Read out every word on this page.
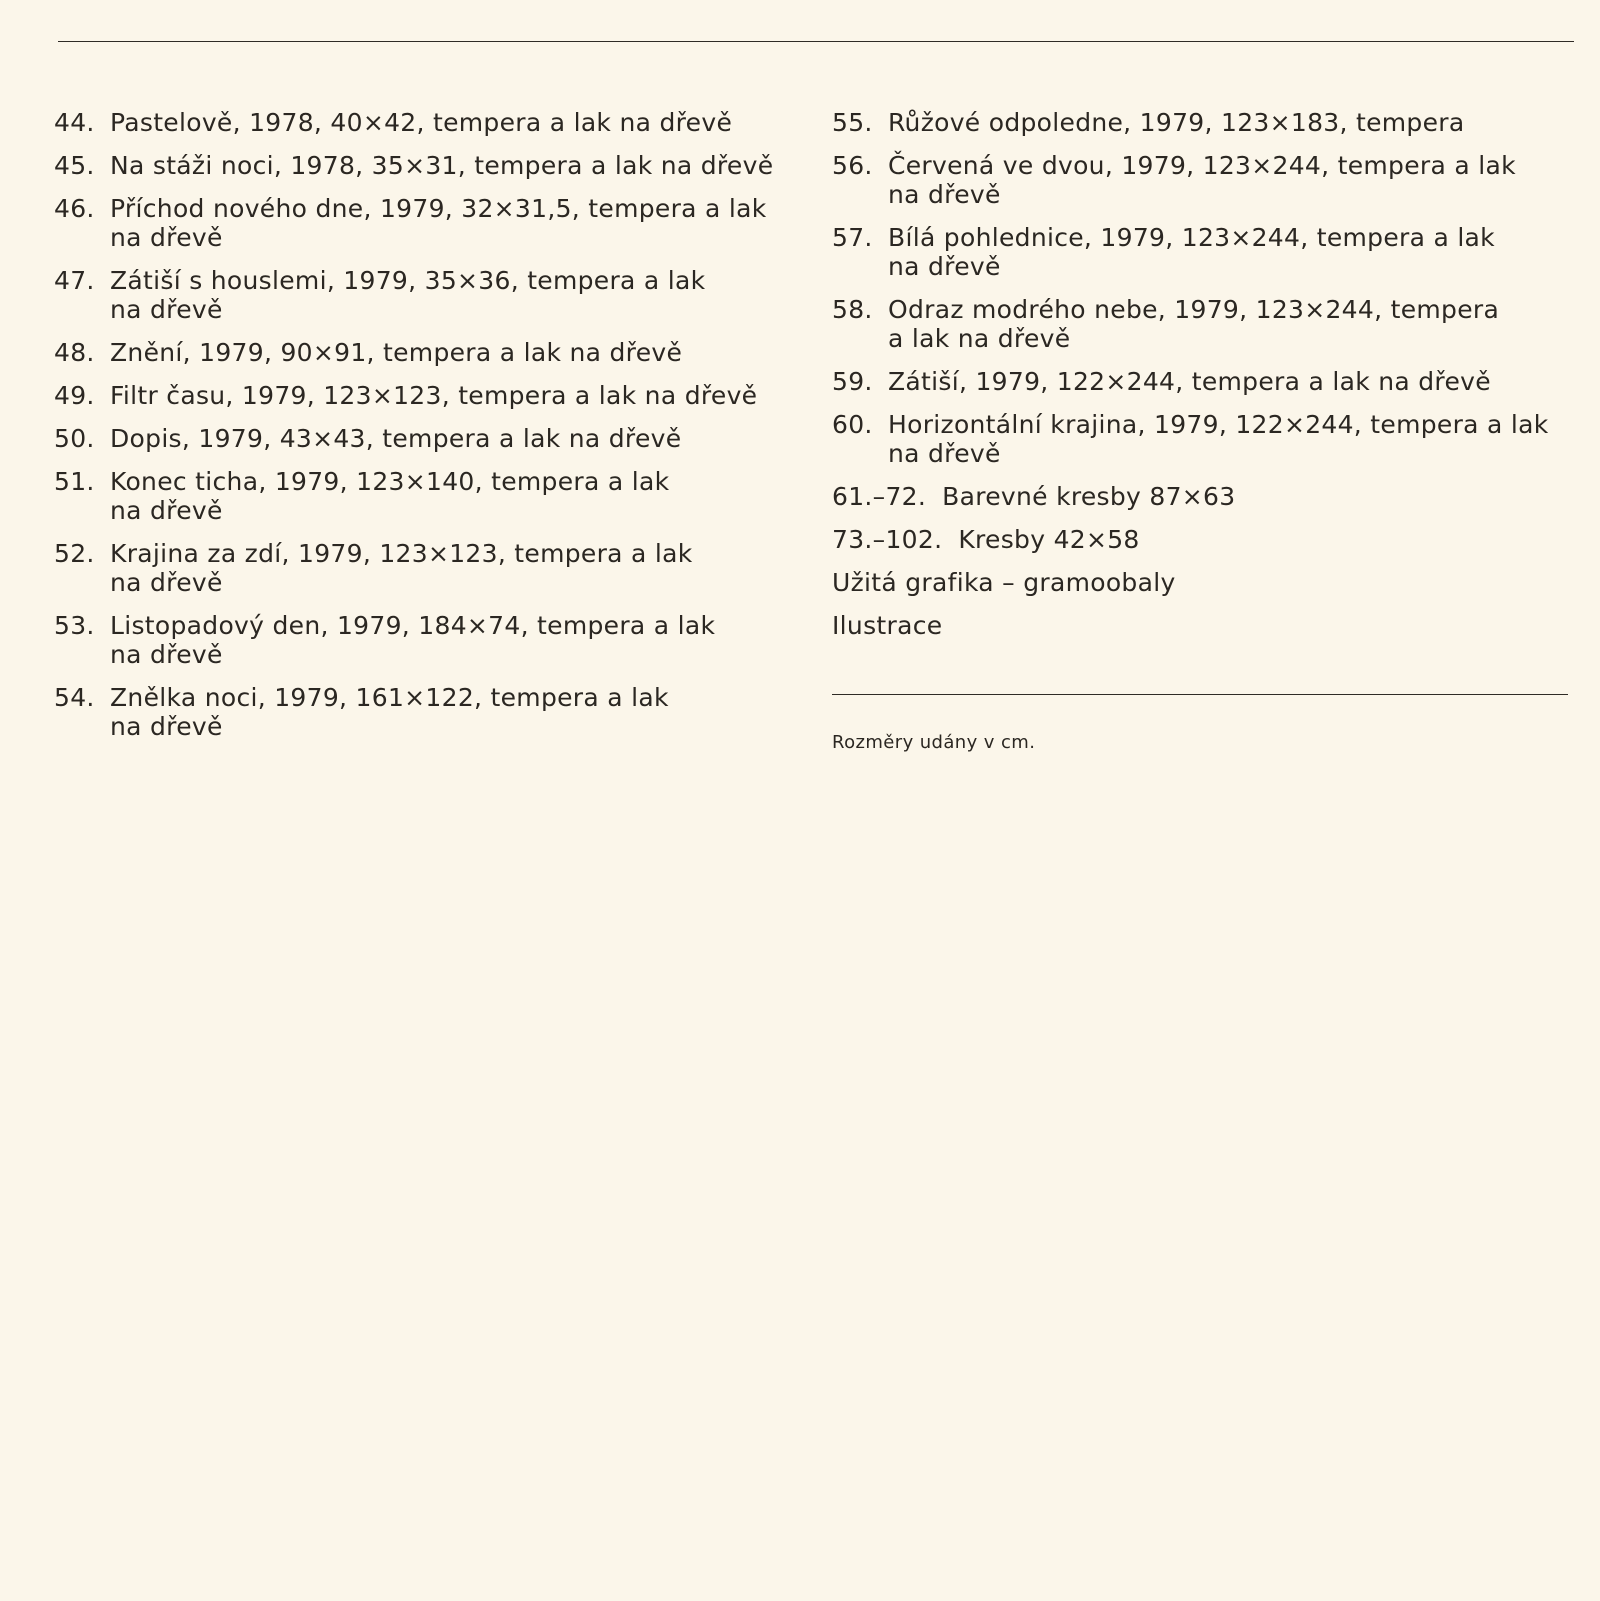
44. Pastelově, 1978, 40×42, tempera a lak na dřevě
45. Na stáži noci, 1978, 35×31, tempera a lak na dřevě
46. Příchod nového dne, 1979, 32×31,5, tempera a lak
na dřevě
47. Zátiší s houslemi, 1979, 35×36, tempera a lak
na dřevě
48. Znění, 1979, 90×91, tempera a lak na dřevě
49. Filtr času, 1979, 123×123, tempera a lak na dřevě
50. Dopis, 1979, 43×43, tempera a lak na dřevě
51. Konec ticha, 1979, 123×140, tempera a lak
na dřevě
52. Krajina za zdí, 1979, 123×123, tempera a lak
na dřevě
53. Listopadový den, 1979, 184×74, tempera a lak
na dřevě
54. Znělka noci, 1979, 161×122, tempera a lak
na dřevě
55. Růžové odpoledne, 1979, 123×183, tempera
56. Červená ve dvou, 1979, 123×244, tempera a lak
na dřevě
57. Bílá pohlednice, 1979, 123×244, tempera a lak
na dřevě
58. Odraz modrého nebe, 1979, 123×244, tempera
a lak na dřevě
59. Zátiší, 1979, 122×244, tempera a lak na dřevě
60. Horizontální krajina, 1979, 122×244, tempera a lak
na dřevě
61.–72. Barevné kresby 87×63
73.–102. Kresby 42×58
Užitá grafika – gramoobaly
Ilustrace
Rozměry udány v cm.
